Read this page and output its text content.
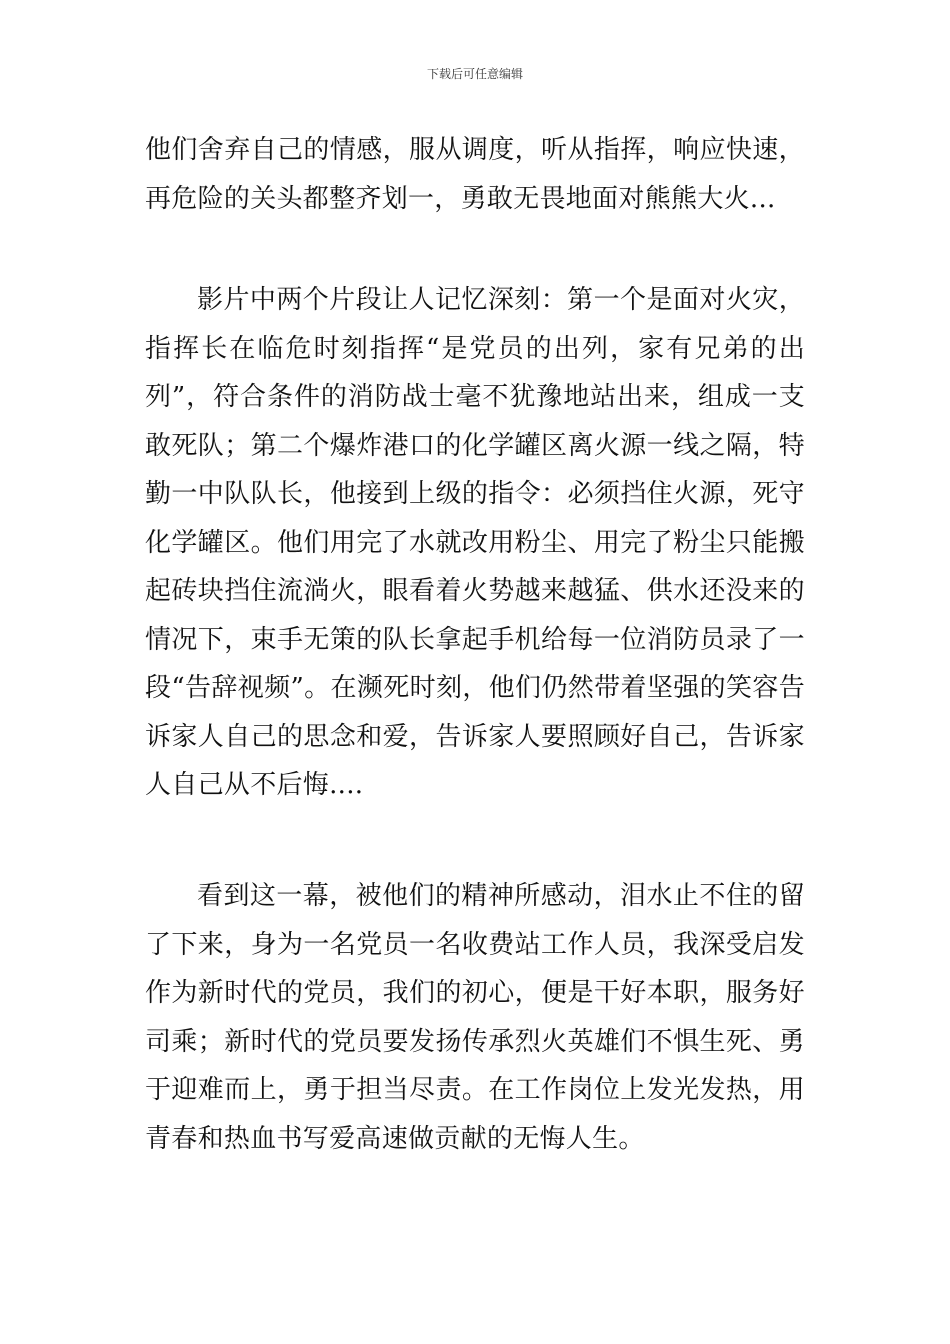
下载后可任意编辑

他们舍弃自己的情感，服从调度，听从指挥，响应快速，再危险的关头都整齐划一，勇敢无畏地面对熊熊大火...

影片中两个片段让人记忆深刻：第一个是面对火灾，指挥长在临危时刻指挥“是党员的出列，家有兄弟的出列”，符合条件的消防战士毫不犹豫地站出来，组成一支敢死队；第二个爆炸港口的化学罐区离火源一线之隔，特勤一中队队长，他接到上级的指令：必须挡住火源，死守化学罐区。他们用完了水就改用粉尘、用完了粉尘只能搬起砖块挡住流淌火，眼看着火势越来越猛、供水还没来的情况下，束手无策的队长拿起手机给每一位消防员录了一段“告辞视频”。在濒死时刻，他们仍然带着坚强的笑容告诉家人自己的思念和爱，告诉家人要照顾好自己，告诉家人自己从不后悔....

看到这一幕，被他们的精神所感动，泪水止不住的留了下来，身为一名党员一名收费站工作人员，我深受启发作为新时代的党员，我们的初心，便是干好本职，服务好司乘；新时代的党员要发扬传承烈火英雄们不惧生死、勇于迎难而上，勇于担当尽责。在工作岗位上发光发热，用青春和热血书写爱高速做贡献的无悔人生。
